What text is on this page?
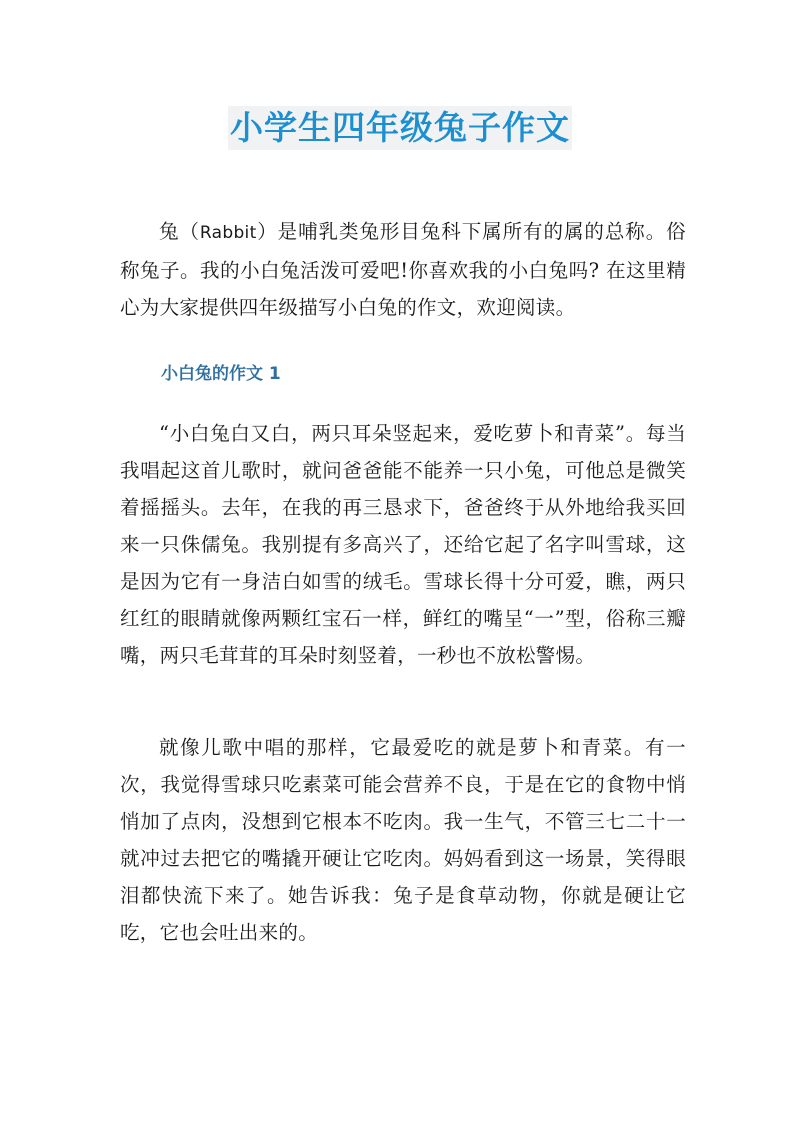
小学生四年级兔子作文

兔（Rabbit）是哺乳类兔形目兔科下属所有的属的总称。俗称兔子。我的小白兔活泼可爱吧!你喜欢我的小白兔吗? 在这里精心为大家提供四年级描写小白兔的作文，欢迎阅读。

小白兔的作文 1

“小白兔白又白，两只耳朵竖起来，爱吃萝卜和青菜”。每当我唱起这首儿歌时，就问爸爸能不能养一只小兔，可他总是微笑着摇摇头。去年，在我的再三恳求下，爸爸终于从外地给我买回来一只侏儒兔。我别提有多高兴了，还给它起了名字叫雪球，这是因为它有一身洁白如雪的绒毛。雪球长得十分可爱，瞧，两只红红的眼睛就像两颗红宝石一样，鲜红的嘴呈“一”型，俗称三瓣嘴，两只毛茸茸的耳朵时刻竖着，一秒也不放松警惕。

就像儿歌中唱的那样，它最爱吃的就是萝卜和青菜。有一次，我觉得雪球只吃素菜可能会营养不良，于是在它的食物中悄悄加了点肉，没想到它根本不吃肉。我一生气，不管三七二十一就冲过去把它的嘴撬开硬让它吃肉。妈妈看到这一场景，笑得眼泪都快流下来了。她告诉我：兔子是食草动物，你就是硬让它吃，它也会吐出来的。
